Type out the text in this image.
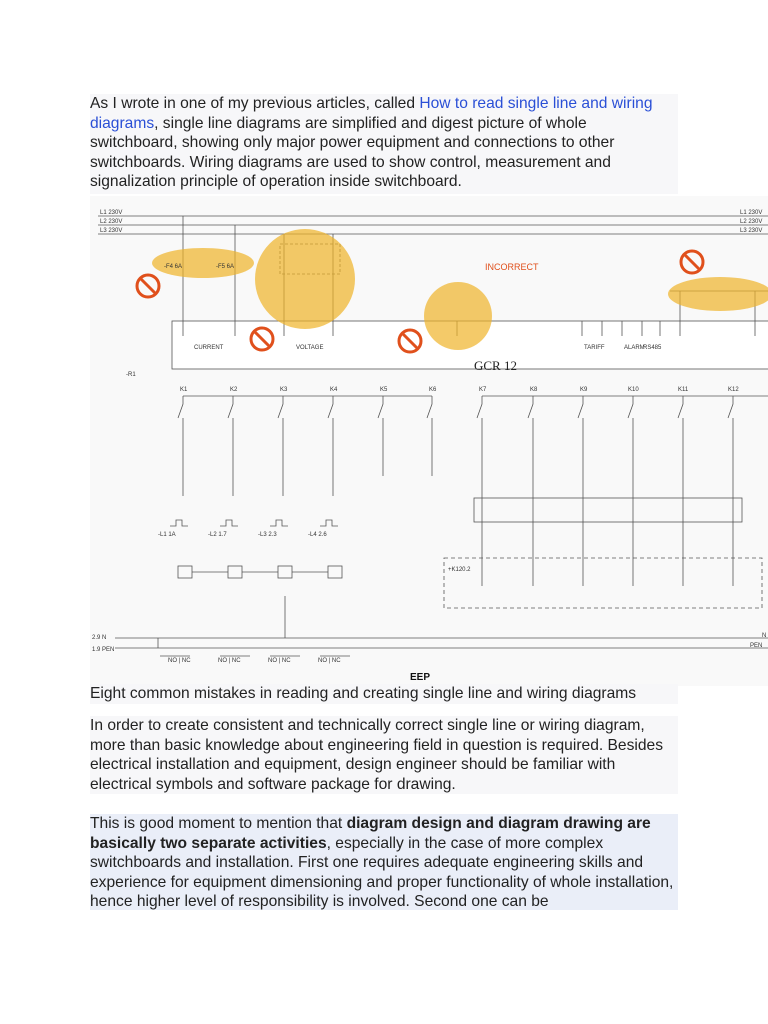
As I wrote in one of my previous articles, called How to read single line and wiring diagrams, single line diagrams are simplified and digest picture of whole switchboard, showing only major power equipment and connections to other switchboards. Wiring diagrams are used to show control, measurement and signalization principle of operation inside switchboard.

L1 230V
L2 230V
L3 230V
L1 230V
L2 230V
L3 230V
-F4 6A	-F5 6A
CURRENT	VOLTAGE	TARIFF	ALARM
RS485
-R1
K1	K2	K3	K4	K5	K6	K7	K8	K9	K10	K11	K12
-L1 1A	-L2 1.7	-L3 2.3	-L4 2.6
+K120.2
2.9 N
1.9 PEN
N
PEN
NO | NC	NO | NC	NO | NC	NO | NC
INCORRECT
GCR 12
EEP
Eight common mistakes in reading and creating single line and wiring diagrams

In order to create consistent and technically correct single line or wiring diagram, more than basic knowledge about engineering field in question is required. Besides electrical installation and equipment, design engineer should be familiar with electrical symbols and software package for drawing.

This is good moment to mention that diagram design and diagram drawing are basically two separate activities, especially in the case of more complex switchboards and installation. First one requires adequate engineering skills and experience for equipment dimensioning and proper functionality of whole installation, hence higher level of responsibility is involved. Second one can be
